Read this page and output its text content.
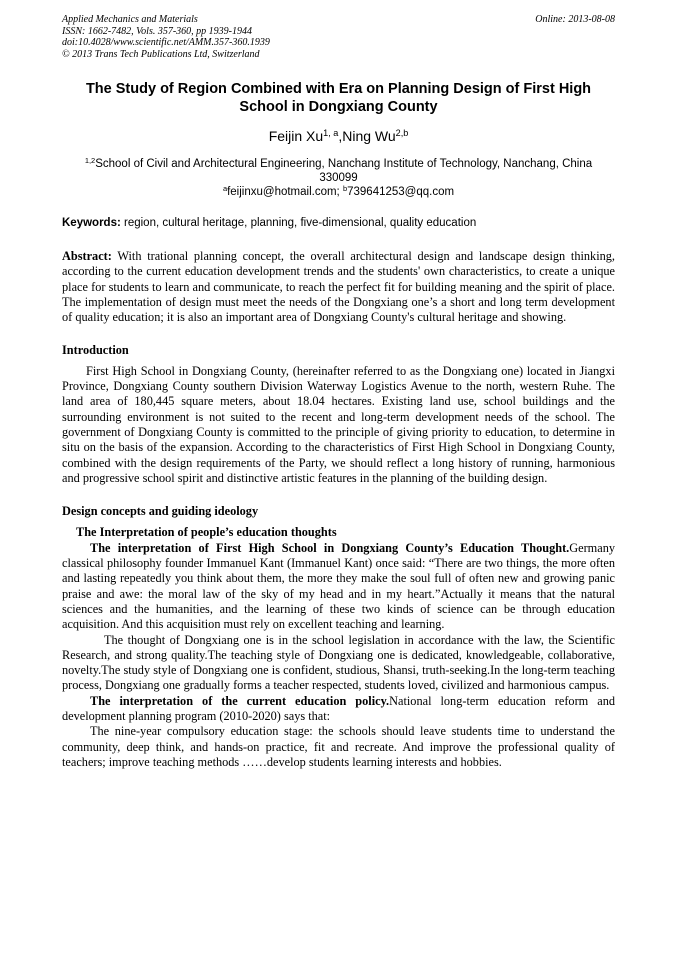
Applied Mechanics and Materials
ISSN: 1662-7482, Vols. 357-360, pp 1939-1944
doi:10.4028/www.scientific.net/AMM.357-360.1939
© 2013 Trans Tech Publications Ltd, Switzerland
Online: 2013-08-08
The Study of Region Combined with Era on Planning Design of First High School in Dongxiang County
Feijin Xu$^{1, a}$,Ning Wu$^{2,b}$
$^{1,2}$School of Civil and Architectural Engineering, Nanchang Institute of Technology, Nanchang, China 330099
$^a$feijinxu@hotmail.com; $^b$739641253@qq.com
Keywords: region, cultural heritage, planning, five-dimensional, quality education
Abstract: With trational planning concept, the overall architectural design and landscape design thinking, according to the current education development trends and the students' own characteristics, to create a unique place for students to learn and communicate, to reach the perfect fit for building meaning and the spirit of place. The implementation of design must meet the needs of the Dongxiang one’s a short and long term development of quality education; it is also an important area of Dongxiang County's cultural heritage and showing.
Introduction
First High School in Dongxiang County, (hereinafter referred to as the Dongxiang one) located in Jiangxi Province, Dongxiang County southern Division Waterway Logistics Avenue to the north, western Ruhe. The land area of 180,445 square meters, about 18.04 hectares. Existing land use, school buildings and the surrounding environment is not suited to the recent and long-term development needs of the school. The government of Dongxiang County is committed to the principle of giving priority to education, to determine in situ on the basis of the expansion. According to the characteristics of First High School in Dongxiang County, combined with the design requirements of the Party, we should reflect a long history of running, harmonious and progressive school spirit and distinctive artistic features in the planning of the building design.
Design concepts and guiding ideology
The Interpretation of people’s education thoughts
The interpretation of First High School in Dongxiang County’s Education Thought.Germany classical philosophy founder Immanuel Kant (Immanuel Kant) once said: “There are two things, the more often and lasting repeatedly you think about them, the more they make the soul full of often new and growing panic praise and awe: the moral law of the sky of my head and in my heart.”Actually it means that the natural sciences and the humanities, and the learning of these two kinds of science can be through education acquisition. And this acquisition must rely on excellent teaching and learning.
The thought of Dongxiang one is in the school legislation in accordance with the law, the Scientific Research, and strong quality.The teaching style of Dongxiang one is dedicated, knowledgeable, collaborative, novelty.The study style of Dongxiang one is confident, studious, Shansi, truth-seeking.In the long-term teaching process, Dongxiang one gradually forms a teacher respected, students loved, civilized and harmonious campus.
The interpretation of the current education policy.National long-term education reform and development planning program (2010-2020) says that:
The nine-year compulsory education stage: the schools should leave students time to understand the community, deep think, and hands-on practice, fit and recreate. And improve the professional quality of teachers; improve teaching methods ……develop students learning interests and hobbies.
